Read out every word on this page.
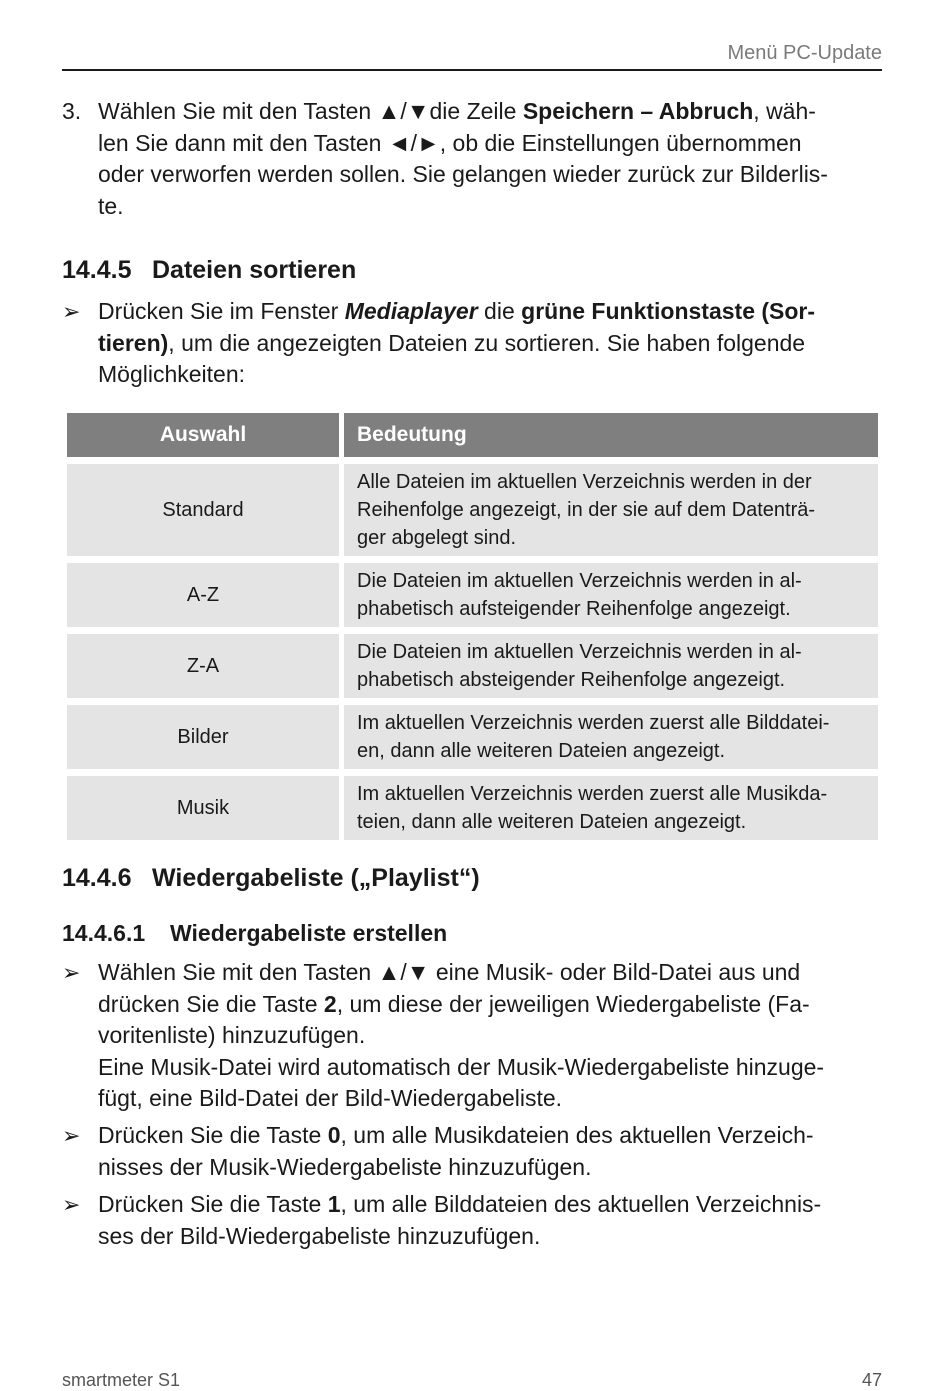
Menü PC-Update
3. Wählen Sie mit den Tasten ▲/▼die Zeile Speichern – Abbruch, wäh-
len Sie dann mit den Tasten ◄/►, ob die Einstellungen übernommen
oder verworfen werden sollen. Sie gelangen wieder zurück zur Bilderlis-
te.

14.4.5 Dateien sortieren
➢ Drücken Sie im Fenster Mediaplayer die grüne Funktionstaste (Sor-
tieren), um die angezeigten Dateien zu sortieren. Sie haben folgende
Möglichkeiten:

Auswahl	Bedeutung
Standard	Alle Dateien im aktuellen Verzeichnis werden in der
Reihenfolge angezeigt, in der sie auf dem Datenträ-
ger abgelegt sind.
A-Z	Die Dateien im aktuellen Verzeichnis werden in al-
phabetisch aufsteigender Reihenfolge angezeigt.
Z-A	Die Dateien im aktuellen Verzeichnis werden in al-
phabetisch absteigender Reihenfolge angezeigt.
Bilder	Im aktuellen Verzeichnis werden zuerst alle Bilddatei-
en, dann alle weiteren Dateien angezeigt.
Musik	Im aktuellen Verzeichnis werden zuerst alle Musikda-
teien, dann alle weiteren Dateien angezeigt.
14.4.6 Wiedergabeliste („Playlist“)
14.4.6.1 Wiedergabeliste erstellen
➢ Wählen Sie mit den Tasten ▲/▼ eine Musik- oder Bild-Datei aus und
drücken Sie die Taste 2, um diese der jeweiligen Wiedergabeliste (Fa-
voritenliste) hinzuzufügen.
Eine Musik-Datei wird automatisch der Musik-Wiedergabeliste hinzuge-
fügt, eine Bild-Datei der Bild-Wiedergabeliste.

➢ Drücken Sie die Taste 0, um alle Musikdateien des aktuellen Verzeich-
nisses der Musik-Wiedergabeliste hinzuzufügen.

➢ Drücken Sie die Taste 1, um alle Bilddateien des aktuellen Verzeichnis-
ses der Bild-Wiedergabeliste hinzuzufügen.

smartmeter S1	47
